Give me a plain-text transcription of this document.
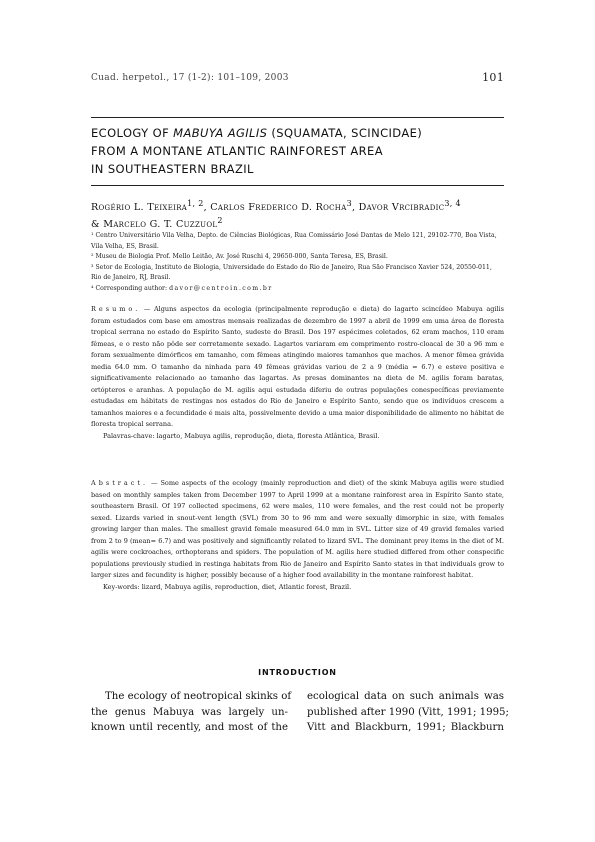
Cuad. herpetol., 17 (1-2): 101–109, 2003	101
ECOLOGY OF MABUYA AGILIS (SQUAMATA, SCINCIDAE)
FROM A MONTANE ATLANTIC RAINFOREST AREA
IN SOUTHEASTERN BRAZIL
Rogério L. Teixeira$^{1, 2}$, Carlos Frederico D. Rocha$^3$, Davor Vrcibradic$^{3, 4}$
& Marcelo G. T. Cuzzuol$^2$
¹ Centro Universitário Vila Velha, Depto. de Ciências Biológicas, Rua Comissário José Dantas de Melo 121, 29102-770, Boa Vista, Vila Velha, ES, Brasil.
² Museu de Biologia Prof. Mello Leitão, Av. José Ruschi 4, 29650-000, Santa Teresa, ES, Brasil.
³ Setor de Ecologia, Instituto de Biologia, Universidade do Estado do Rio de Janeiro, Rua São Francisco Xavier 524, 20550-011, Rio de Janeiro, RJ, Brasil.
⁴ Corresponding author: davor@centroin.com.br
Resumo. — Alguns aspectos da ecologia (principalmente reprodução e dieta) do lagarto scincídeo Mabuya agilis foram estudados com base em amostras mensais realizadas de dezembro de 1997 a abril de 1999 em uma área de floresta tropical serrana no estado do Espírito Santo, sudeste do Brasil. Dos 197 espécimes coletados, 62 eram machos, 110 eram fêmeas, e o resto não pôde ser corretamente sexado. Lagartos variaram em comprimento rostro-cloacal de 30 a 96 mm e foram sexualmente dimórficos em tamanho, com fêmeas atingindo maiores tamanhos que machos. A menor fêmea grávida media 64.0 mm. O tamanho da ninhada para 49 fêmeas grávidas variou de 2 a 9 (média = 6.7) e esteve positiva e significativamente relacionado ao tamanho das lagartas. As presas dominantes na dieta de M. agilis foram baratas, ortópteros e aranhas. A população de M. agilis aqui estudada diferiu de outras populações conespecíficas previamente estudadas em hábitats de restingas nos estados do Rio de Janeiro e Espírito Santo, sendo que os indivíduos crescem a tamanhos maiores e a fecundidade é mais alta, possivelmente devido a uma maior disponibilidade de alimento no hábitat de floresta tropical serrana.
Palavras-chave: lagarto, Mabuya agilis, reprodução, dieta, floresta Atlântica, Brasil.
Abstract. — Some aspects of the ecology (mainly reproduction and diet) of the skink Mabuya agilis were studied based on monthly samples taken from December 1997 to April 1999 at a montane rainforest area in Espírito Santo state, southeastern Brasil. Of 197 collected specimens, 62 were males, 110 were females, and the rest could not be properly sexed. Lizards varied in snout-vent length (SVL) from 30 to 96 mm and were sexually dimorphic in size, with females growing larger than males. The smallest gravid female measured 64.0 mm in SVL. Litter size of 49 gravid females varied from 2 to 9 (mean= 6.7) and was positively and significantly related to lizard SVL. The dominant prey items in the diet of M. agilis were cockroaches, orthopterans and spiders. The population of M. agilis here studied differed from other conspecific populations previously studied in restinga habitats from Rio de Janeiro and Espírito Santo states in that individuals grow to larger sizes and fecundity is higher, possibly because of a higher food availability in the montane rainforest habitat.
Key-words: lizard, Mabuya agilis, reproduction, diet, Atlantic forest, Brazil.
INTRODUCTION
The ecology of neotropical skinks of
the genus Mabuya was largely un-
known until recently, and most of the
ecological data on such animals was
published after 1990 (Vitt, 1991; 1995;
Vitt and Blackburn, 1991; Blackburn
